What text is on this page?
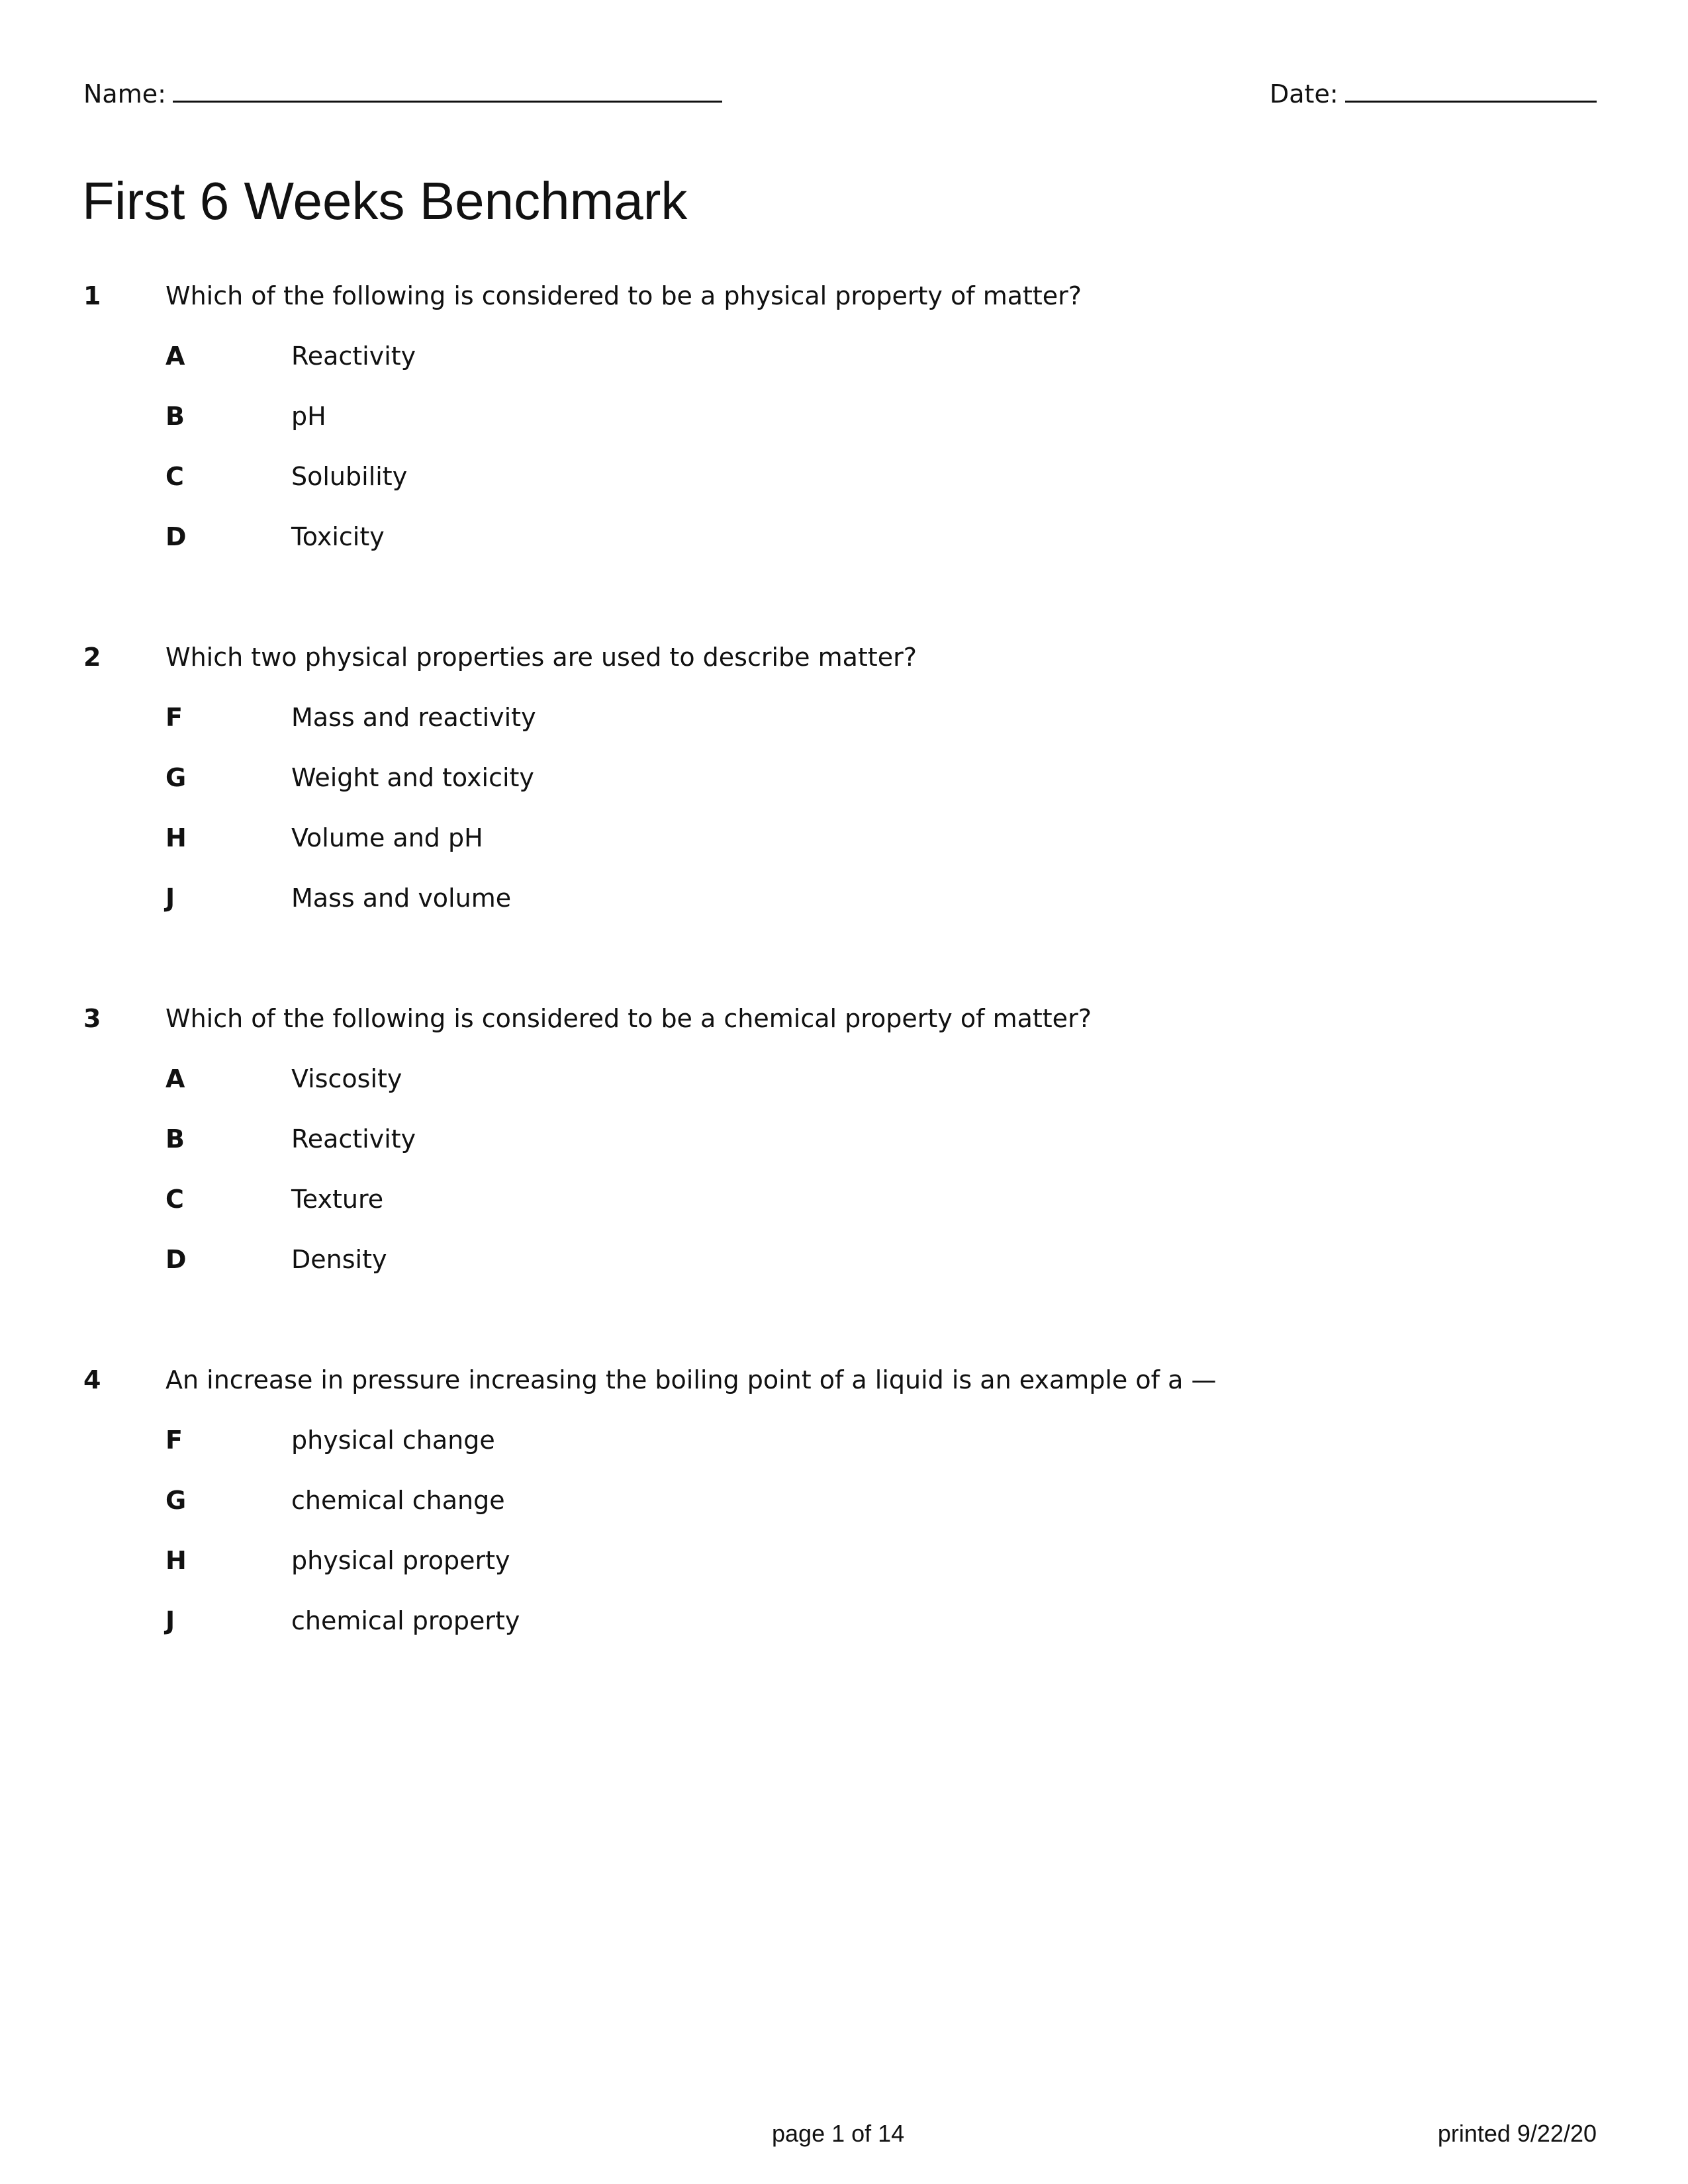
Name:	Date:
First 6 Weeks Benchmark
1	Which of the following is considered to be a physical property of matter?
A	Reactivity
B	pH
C	Solubility
D	Toxicity
2	Which two physical properties are used to describe matter?
F	Mass and reactivity
G	Weight and toxicity
H	Volume and pH
J	Mass and volume
3	Which of the following is considered to be a chemical property of matter?
A	Viscosity
B	Reactivity
C	Texture
D	Density
4	An increase in pressure increasing the boiling point of a liquid is an example of a —
F	physical change
G	chemical change
H	physical property
J	chemical property
page 1 of 14	printed 9/22/20
